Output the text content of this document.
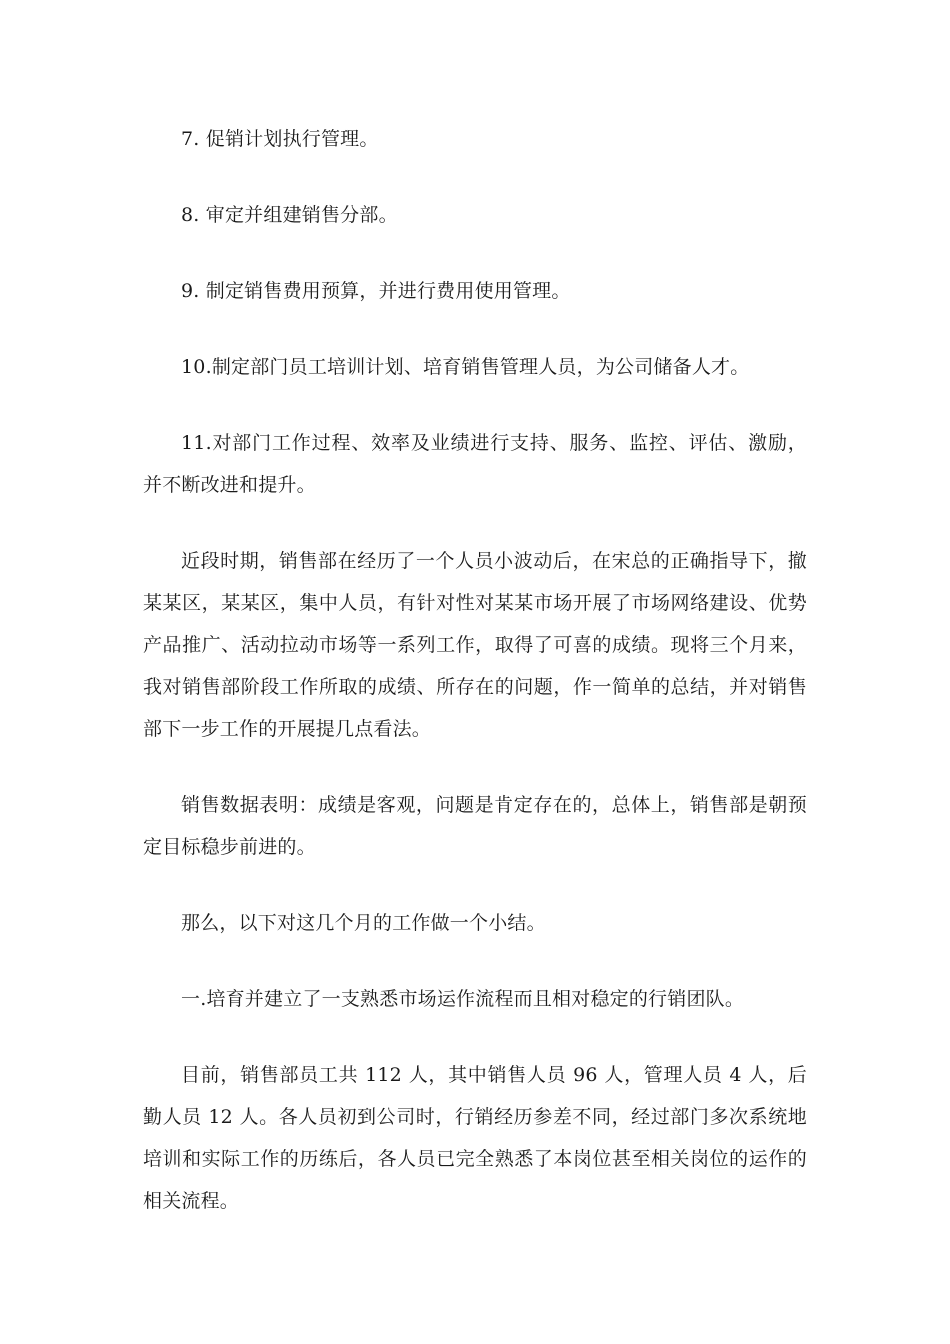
7. 促销计划执行管理。

8. 审定并组建销售分部。

9. 制定销售费用预算，并进行费用使用管理。

10.制定部门员工培训计划、培育销售管理人员，为公司储备人才。

11.对部门工作过程、效率及业绩进行支持、服务、监控、评估、激励，并不断改进和提升。

近段时期，销售部在经历了一个人员小波动后，在宋总的正确指导下，撤某某区，某某区，集中人员，有针对性对某某市场开展了市场网络建设、优势产品推广、活动拉动市场等一系列工作，取得了可喜的成绩。现将三个月来，我对销售部阶段工作所取的成绩、所存在的问题，作一简单的总结，并对销售部下一步工作的开展提几点看法。

销售数据表明：成绩是客观，问题是肯定存在的，总体上，销售部是朝预定目标稳步前进的。

那么，以下对这几个月的工作做一个小结。

一.培育并建立了一支熟悉市场运作流程而且相对稳定的行销团队。

目前，销售部员工共 112 人，其中销售人员 96 人，管理人员 4 人，后勤人员 12 人。各人员初到公司时，行销经历参差不同，经过部门多次系统地培训和实际工作的历练后，各人员已完全熟悉了本岗位甚至相关岗位的运作的相关流程。
